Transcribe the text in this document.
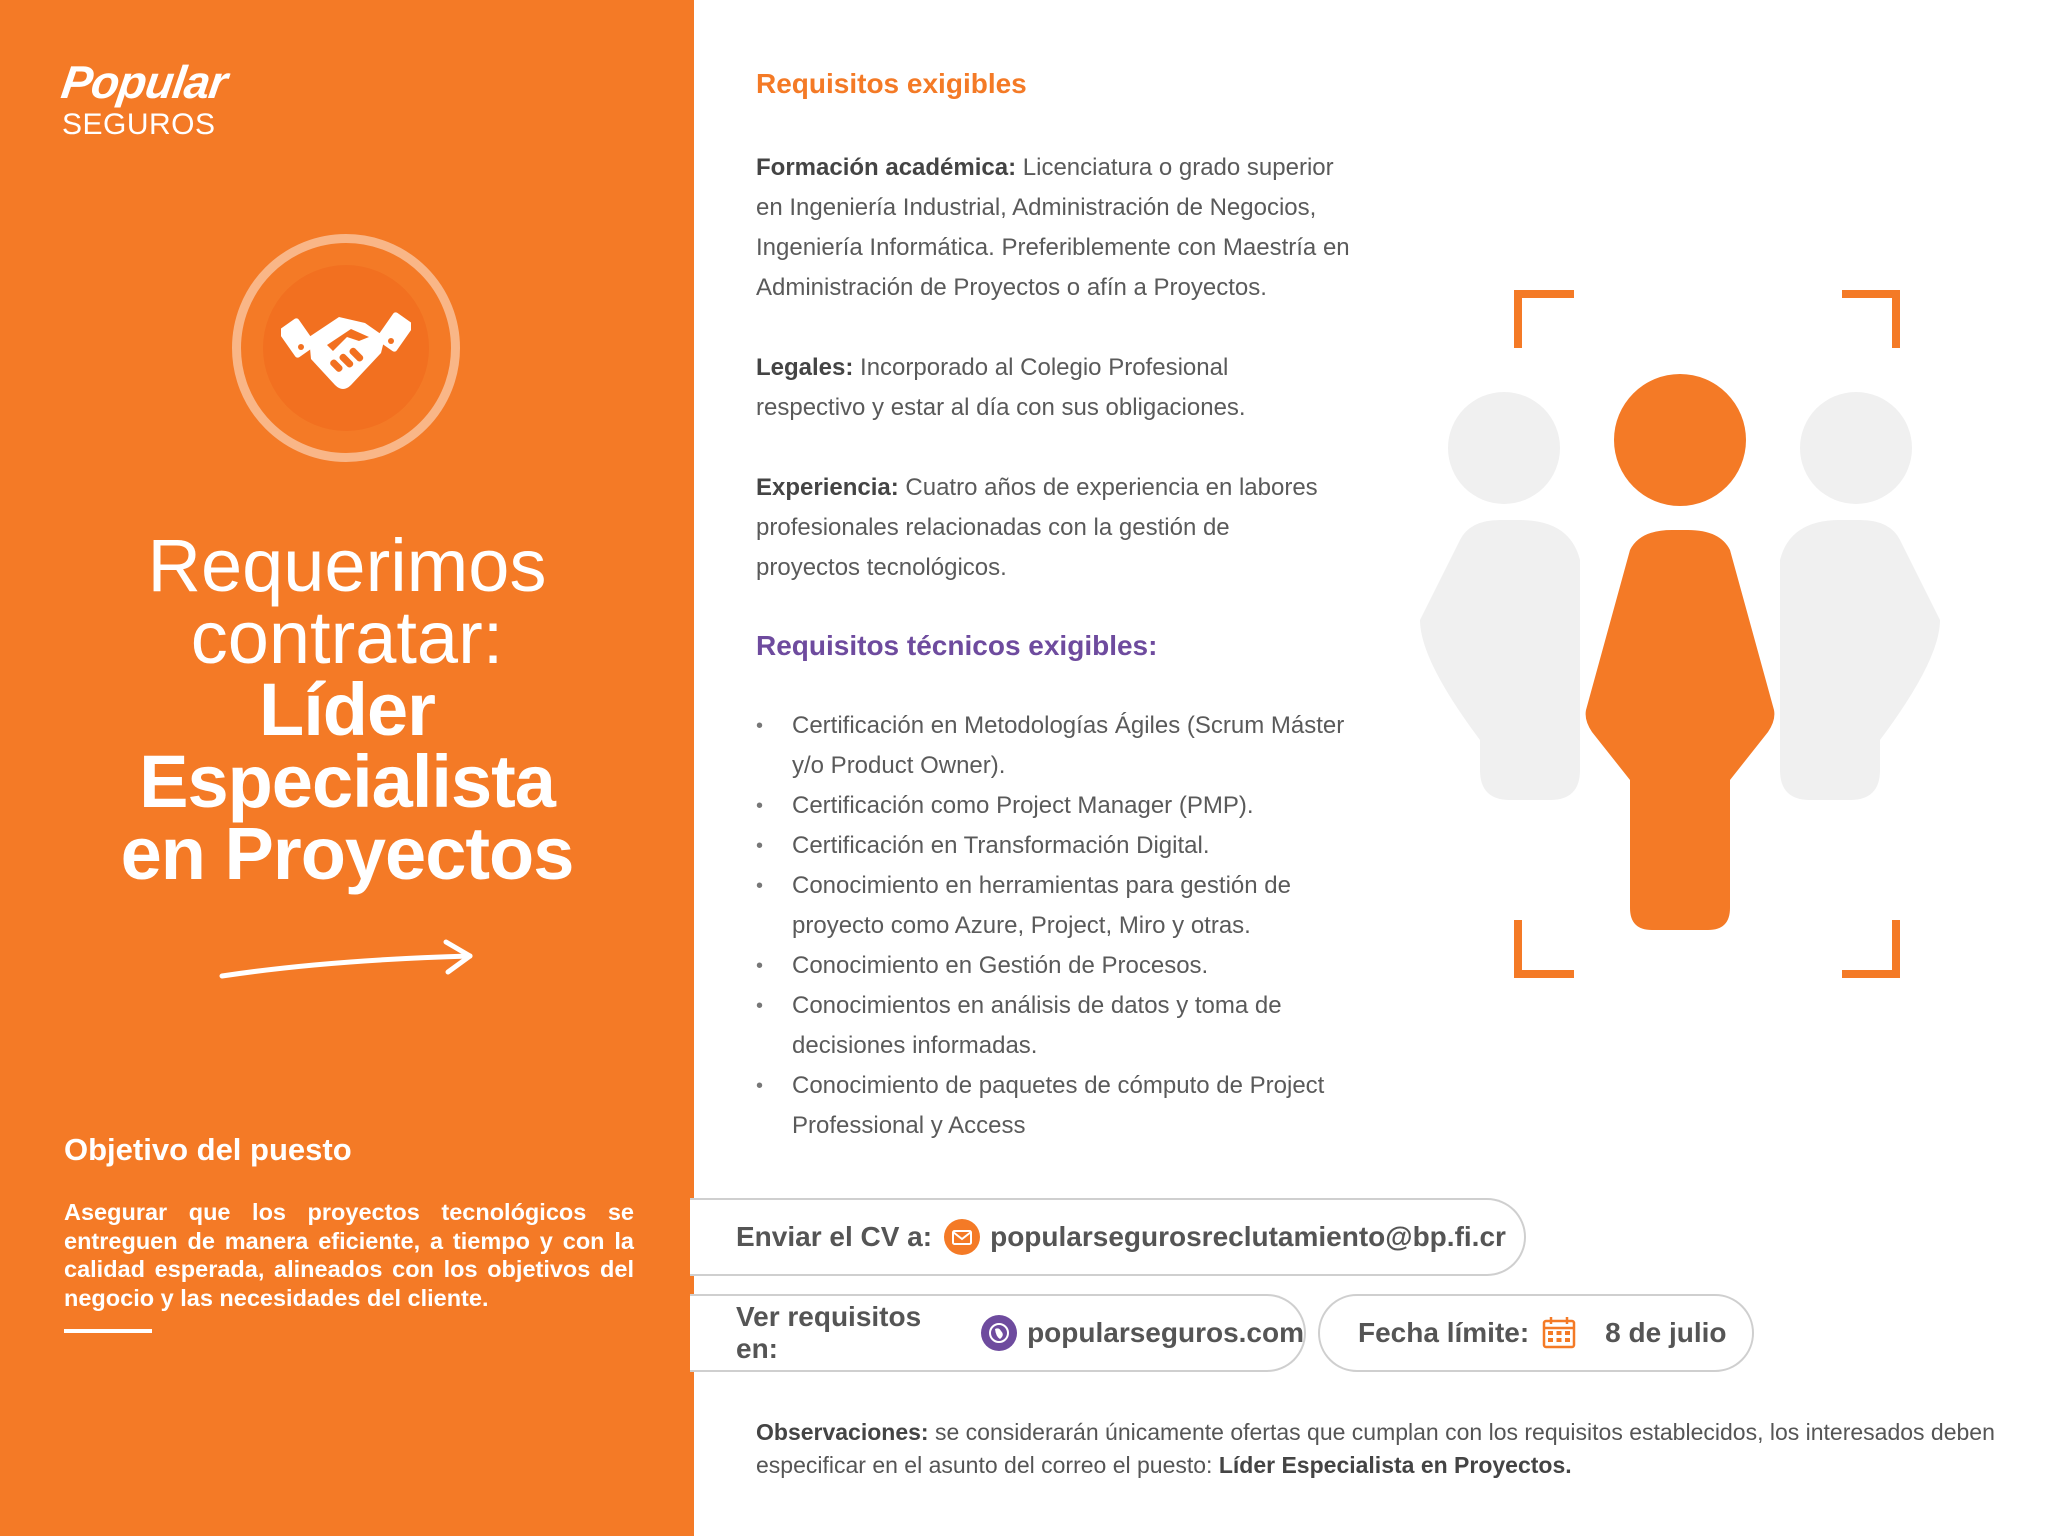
Popular
SEGUROS
Requerimos
contratar:
Líder
Especialista
en Proyectos
Objetivo del puesto
Asegurar que los proyectos tecnológicos se entreguen de manera eficiente, a tiempo y con la calidad esperada, alineados con los objetivos del negocio y las necesidades del cliente.
Requisitos exigibles
Formación académica: Licenciatura o grado superior en Ingeniería Industrial, Administración de Negocios, Ingeniería Informática. Preferiblemente con Maestría en Administración de Proyectos o afín a Proyectos.
Legales: Incorporado al Colegio Profesional respectivo y estar al día con sus obligaciones.
Experiencia: Cuatro años de experiencia en labores profesionales relacionadas con la gestión de proyectos tecnológicos.
Requisitos técnicos exigibles:
• Certificación en Metodologías Ágiles (Scrum Máster y/o Product Owner).
• Certificación como Project Manager (PMP).
• Certificación en Transformación Digital.
• Conocimiento en herramientas para gestión de proyecto como Azure, Project, Miro y otras.
• Conocimiento en Gestión de Procesos.
• Conocimientos en análisis de datos y toma de decisiones informadas.
• Conocimiento de paquetes de cómputo de Project Professional y Access
Enviar el CV a: popularsegurosreclutamiento@bp.fi.cr
Ver requisitos en:
popularseguros.com Fecha límite:	8 de julio
Observaciones: se considerarán únicamente ofertas que cumplan con los requisitos establecidos, los interesados deben especificar en el asunto del correo el puesto: Líder Especialista en Proyectos.
